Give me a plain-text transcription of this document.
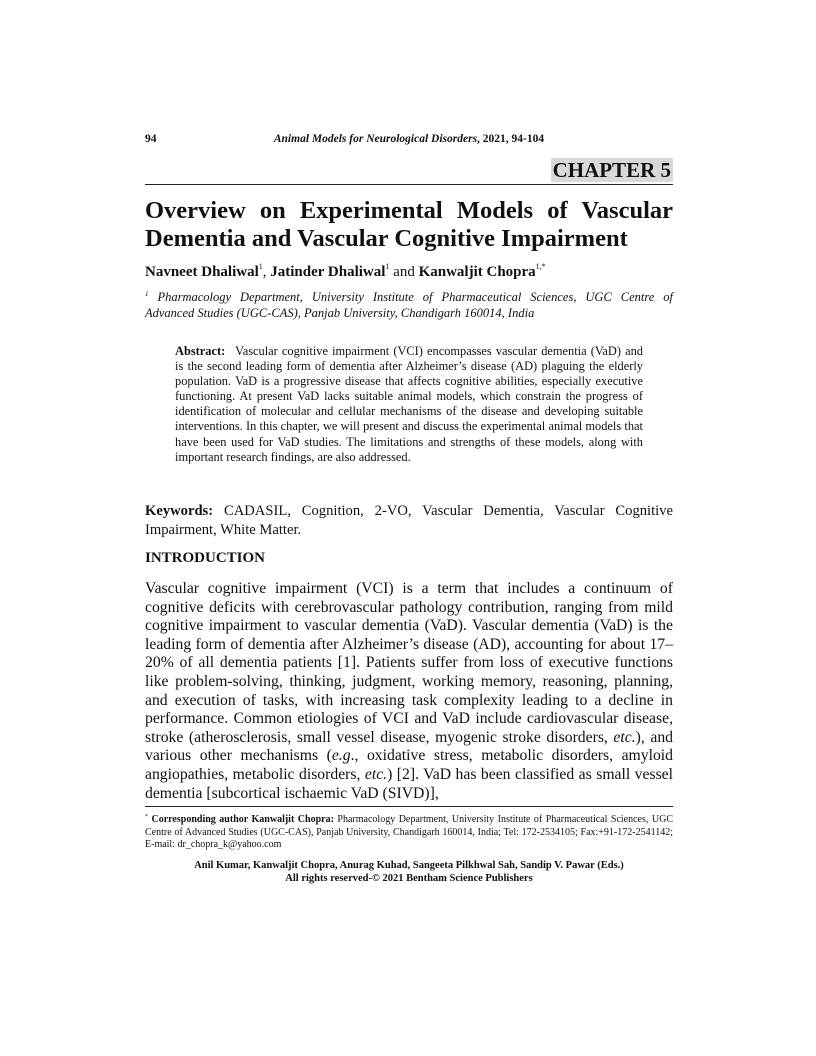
94	Animal Models for Neurological Disorders, 2021, 94-104
CHAPTER 5
Overview on Experimental Models of Vascular
Dementia and Vascular Cognitive Impairment
Navneet Dhaliwal$^1$, Jatinder Dhaliwal$^1$ and Kanwaljit Chopra$^{1,*}$
$^1$ Pharmacology Department, University Institute of Pharmaceutical Sciences, UGC Centre of
Advanced Studies (UGC-CAS), Panjab University, Chandigarh 160014, India
Abstract: Vascular cognitive impairment (VCI) encompasses vascular dementia (VaD) and is the second leading form of dementia after Alzheimer’s disease (AD) plaguing the elderly population. VaD is a progressive disease that affects cognitive abilities, especially executive functioning. At present VaD lacks suitable animal models, which constrain the progress of identification of molecular and cellular mechanisms of the disease and developing suitable interventions. In this chapter, we will present and discuss the experimental animal models that have been used for VaD studies. The limitations and strengths of these models, along with important research findings, are also addressed.
Keywords: CADASIL, Cognition, 2-VO, Vascular Dementia, Vascular Cognitive Impairment, White Matter.
INTRODUCTION
Vascular cognitive impairment (VCI) is a term that includes a continuum of cognitive deficits with cerebrovascular pathology contribution, ranging from mild cognitive impairment to vascular dementia (VaD). Vascular dementia (VaD) is the leading form of dementia after Alzheimer’s disease (AD), accounting for about 17–20% of all dementia patients [1]. Patients suffer from loss of executive functions like problem-solving, thinking, judgment, working memory, reasoning, planning, and execution of tasks, with increasing task complexity leading to a decline in performance. Common etiologies of VCI and VaD include cardiovascular disease, stroke (atherosclerosis, small vessel disease, myogenic stroke disorders, etc.), and various other mechanisms (e.g., oxidative stress, metabolic disorders, amyloid angiopathies, metabolic disorders, etc.) [2]. VaD has been classified as small vessel dementia [subcortical ischaemic VaD (SIVD)],
* Corresponding author Kanwaljit Chopra: Pharmacology Department, University Institute of Pharmaceutical Sciences, UGC Centre of Advanced Studies (UGC-CAS), Panjab University, Chandigarh 160014, India; Tel: 172-2534105; Fax:+91-172-2541142; E-mail: dr_chopra_k@yahoo.com
Anil Kumar, Kanwaljit Chopra, Anurag Kuhad, Sangeeta Pilkhwal Sah, Sandip V. Pawar (Eds.)
All rights reserved-© 2021 Bentham Science Publishers
